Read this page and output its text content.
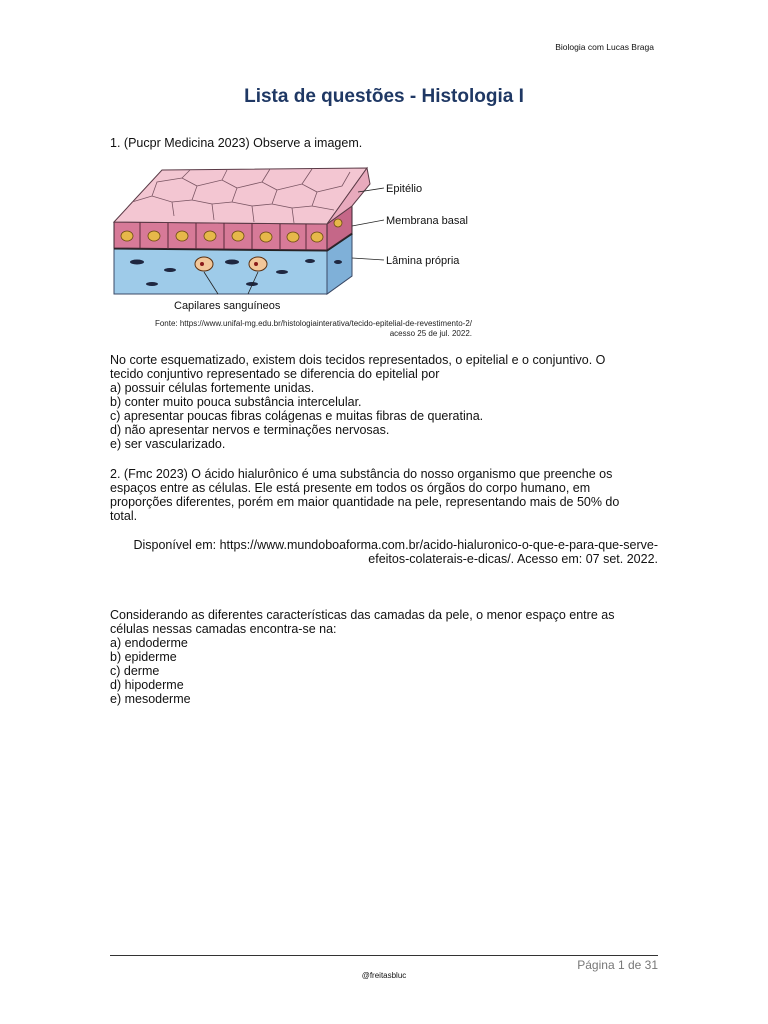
Biologia com Lucas Braga
Lista de questões - Histologia I
1. (Pucpr Medicina 2023) Observe a imagem.
Epitélio
Membrana basal
Lâmina própria
Capilares sanguíneos
Fonte: https://www.unifal-mg.edu.br/histologiainterativa/tecido-epitelial-de-revestimento-2/
acesso 25 de jul. 2022.

No corte esquematizado, existem dois tecidos representados, o epitelial e o conjuntivo. O

tecido conjuntivo representado se diferencia do epitelial por

a) possuir células fortemente unidas.

b) conter muito pouca substância intercelular.

c) apresentar poucas fibras colágenas e muitas fibras de queratina.

d) não apresentar nervos e terminações nervosas.

e) ser vascularizado.

2. (Fmc 2023) O ácido hialurônico é uma substância do nosso organismo que preenche os

espaços entre as células. Ele está presente em todos os órgãos do corpo humano, em

proporções diferentes, porém em maior quantidade na pele, representando mais de 50% do

total.

Disponível em: https://www.mundoboaforma.com.br/acido-hialuronico-o-que-e-para-que-serve-
efeitos-colaterais-e-dicas/. Acesso em: 07 set. 2022.

Considerando as diferentes características das camadas da pele, o menor espaço entre as

células nessas camadas encontra-se na:

a) endoderme

b) epiderme

c) derme

d) hipoderme

e) mesoderme

Página 1 de 31
@freitasbluc
